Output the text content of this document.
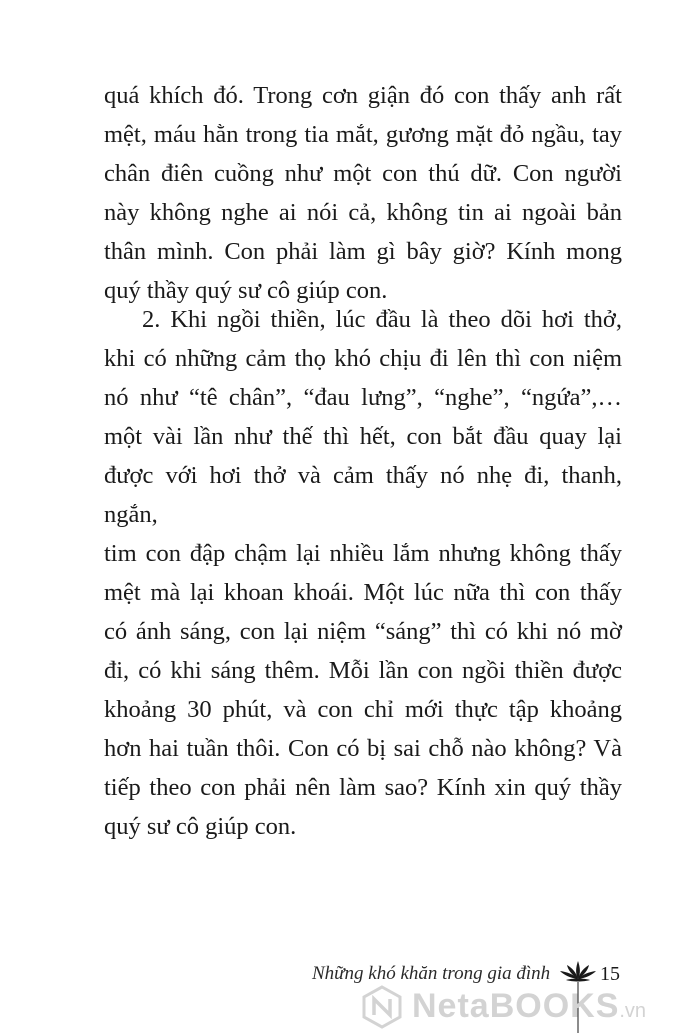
quá khích đó. Trong cơn giận đó con thấy anh rất
mệt, máu hằn trong tia mắt, gương mặt đỏ ngầu, tay
chân điên cuồng như một con thú dữ. Con người
này không nghe ai nói cả, không tin ai ngoài bản
thân mình. Con phải làm gì bây giờ? Kính mong
quý thầy quý sư cô giúp con.
2. Khi ngồi thiền, lúc đầu là theo dõi hơi thở,
khi có những cảm thọ khó chịu đi lên thì con niệm
nó như “tê chân”, “đau lưng”, “nghe”, “ngứa”,…
một vài lần như thế thì hết, con bắt đầu quay lại
được với hơi thở và cảm thấy nó nhẹ đi, thanh, ngắn,
tim con đập chậm lại nhiều lắm nhưng không thấy
mệt mà lại khoan khoái. Một lúc nữa thì con thấy
có ánh sáng, con lại niệm “sáng” thì có khi nó mờ
đi, có khi sáng thêm. Mỗi lần con ngồi thiền được
khoảng 30 phút, và con chỉ mới thực tập khoảng
hơn hai tuần thôi. Con có bị sai chỗ nào không? Và
tiếp theo con phải nên làm sao? Kính xin quý thầy
quý sư cô giúp con.
Những khó khăn trong gia đình 15
NetaBOOKS.vn
